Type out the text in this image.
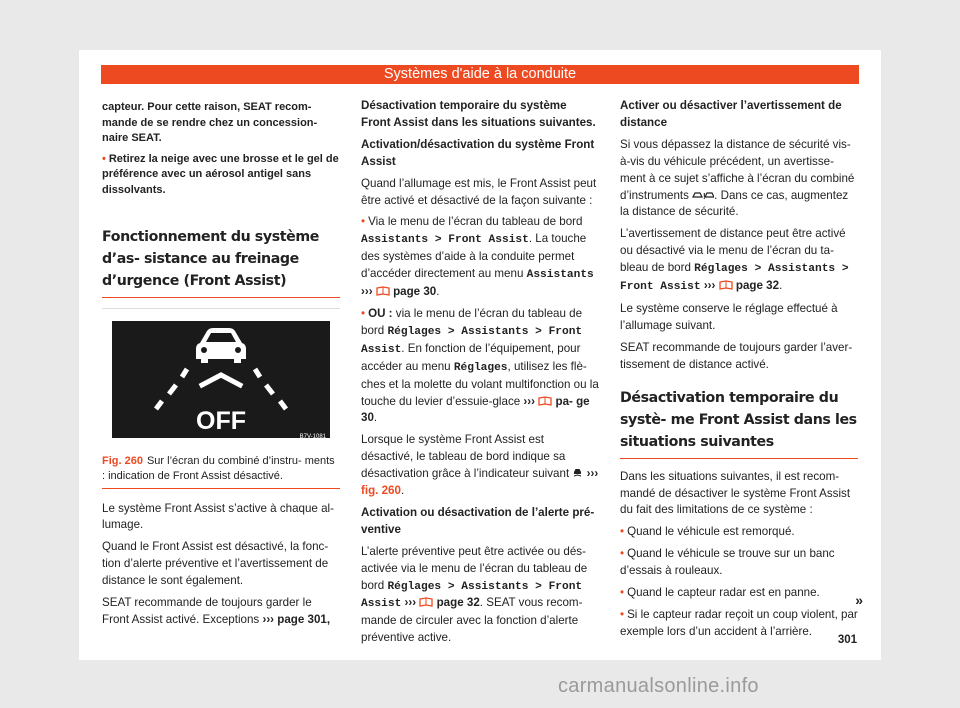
Systèmes d'aide à la conduite

capteur. Pour cette raison, SEAT recom- mande de se rendre chez un concession- naire SEAT.

• Retirez la neige avec une brosse et le gel de préférence avec un aérosol antigel sans dissolvants.

Fonctionnement du système d’as- sistance au freinage d’urgence (Front Assist)
OFF
B7V-1081
Fig. 260 Sur l’écran du combiné d’instru- ments : indication de Front Assist désactivé.

Le système Front Assist s’active à chaque al- lumage.

Quand le Front Assist est désactivé, la fonc- tion d’alerte préventive et l’avertissement de distance le sont également.

SEAT recommande de toujours garder le Front Assist activé. Exceptions ››› page 301,

Désactivation temporaire du système Front Assist dans les situations suivantes.

Activation/désactivation du système Front Assist

Quand l’allumage est mis, le Front Assist peut être activé et désactivé de la façon suivante :

• Via le menu de l’écran du tableau de bord Assistants > Front Assist. La touche des systèmes d’aide à la conduite permet d’accéder directement au menu Assistants ››› page 30.

• OU : via le menu de l’écran du tableau de bord Réglages > Assistants > Front Assist. En fonction de l’équipement, pour accéder au menu Réglages, utilisez les flè- ches et la molette du volant multifonction ou la touche du levier d’essuie-glace ››› pa- ge 30.

Lorsque le système Front Assist est désactivé, le tableau de bord indique sa désactivation grâce à l’indicateur suivant  ››› fig. 260.

Activation ou désactivation de l’alerte pré- ventive

L’alerte préventive peut être activée ou dés- activée via le menu de l’écran du tableau de bord Réglages > Assistants > Front Assist ››› page 32. SEAT vous recom- mande de circuler avec la fonction d’alerte préventive active.

Activer ou désactiver l’avertissement de distance

Si vous dépassez la distance de sécurité vis- à-vis du véhicule précédent, un avertisse- ment à ce sujet s’affiche à l’écran du combiné d’instruments ! . Dans ce cas, augmentez la distance de sécurité.

L’avertissement de distance peut être activé ou désactivé via le menu de l’écran du ta- bleau de bord Réglages > Assistants > Front Assist ››› page 32.

Le système conserve le réglage effectué à l’allumage suivant.

SEAT recommande de toujours garder l’aver- tissement de distance activé.

Désactivation temporaire du systè- me Front Assist dans les situations suivantes

Dans les situations suivantes, il est recom- mandé de désactiver le système Front Assist du fait des limitations de ce système :

• Quand le véhicule est remorqué.

• Quand le véhicule se trouve sur un banc d’essais à rouleaux.

• Quand le capteur radar est en panne.

• Si le capteur radar reçoit un coup violent, par exemple lors d’un accident à l’arrière.

»
301
carmanualsonline.info
